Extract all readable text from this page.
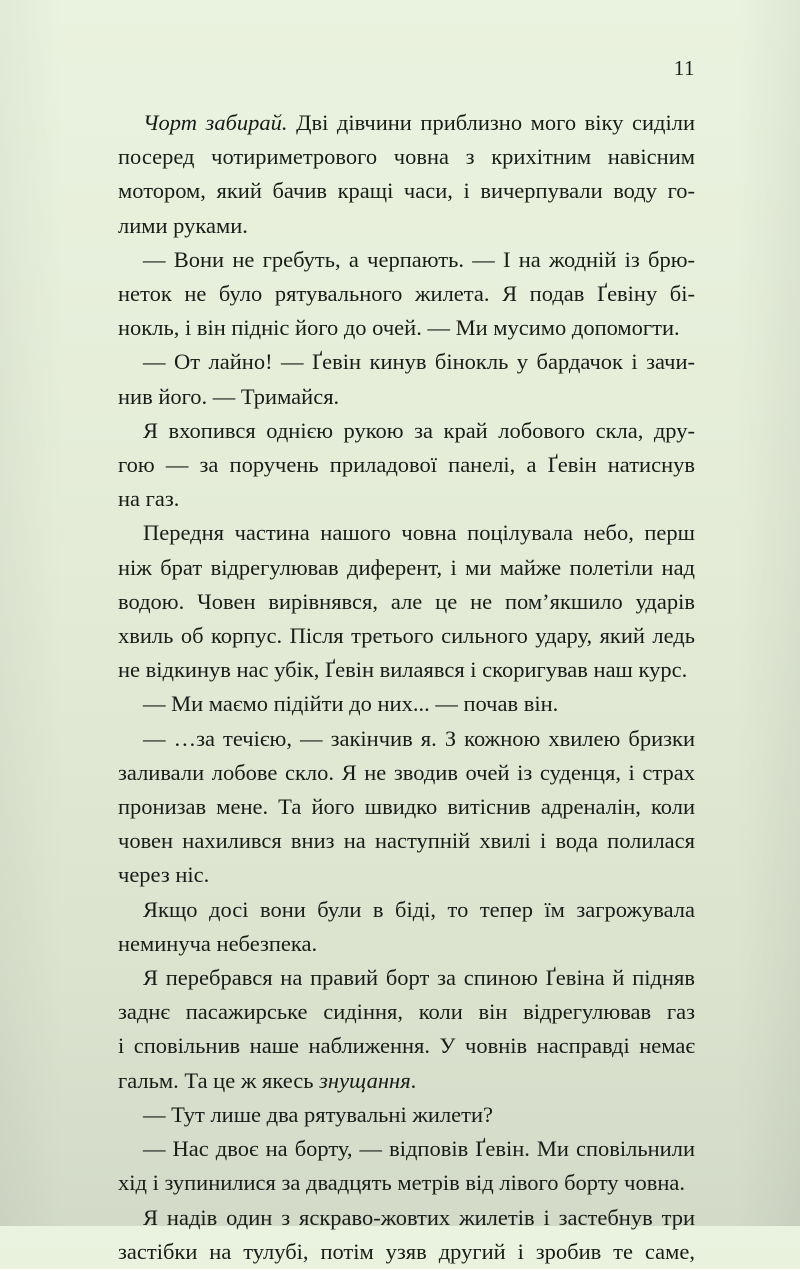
11
Чорт забирай. Дві дівчини приблизно мого віку сиділи
посеред чотириметрового човна з крихітним навісним
мотором, який бачив кращі часи, і вичерпували воду го-
лими руками.
— Вони не гребуть, а черпають. — І на жодній із брю-
неток не було рятувального жилета. Я подав Ґевіну бі-
нокль, і він підніс його до очей. — Ми мусимо допомогти.
— От лайно! — Ґевін кинув бінокль у бардачок і зачи-
нив його. — Тримайся.
Я вхопився однією рукою за край лобового скла, дру-
гою — за поручень приладової панелі, а Ґевін натиснув
на газ.
Передня частина нашого човна поцілувала небо, перш
ніж брат відрегулював диферент, і ми майже полетіли над
водою. Човен вирівнявся, але це не пом’якшило ударів
хвиль об корпус. Після третього сильного удару, який ледь
не відкинув нас убік, Ґевін вилаявся і скоригував наш курс.
— Ми маємо підійти до них... — почав він.
— …за течією, — закінчив я. З кожною хвилею бризки
заливали лобове скло. Я не зводив очей із суденця, і страх
пронизав мене. Та його швидко витіснив адреналін, коли
човен нахилився вниз на наступній хвилі і вода полилася
через ніс.
Якщо досі вони були в біді, то тепер їм загрожувала
неминуча небезпека.
Я перебрався на правий борт за спиною Ґевіна й підняв
заднє пасажирське сидіння, коли він відрегулював газ
і сповільнив наше наближення. У човнів насправді немає
гальм. Та це ж якесь знущання.
— Тут лише два рятувальні жилети?
— Нас двоє на борту, — відповів Ґевін. Ми сповільнили
хід і зупинилися за двадцять метрів від лівого борту човна.
Я надів один з яскраво-жовтих жилетів і застебнув три
застібки на тулубі, потім узяв другий і зробив те саме,
